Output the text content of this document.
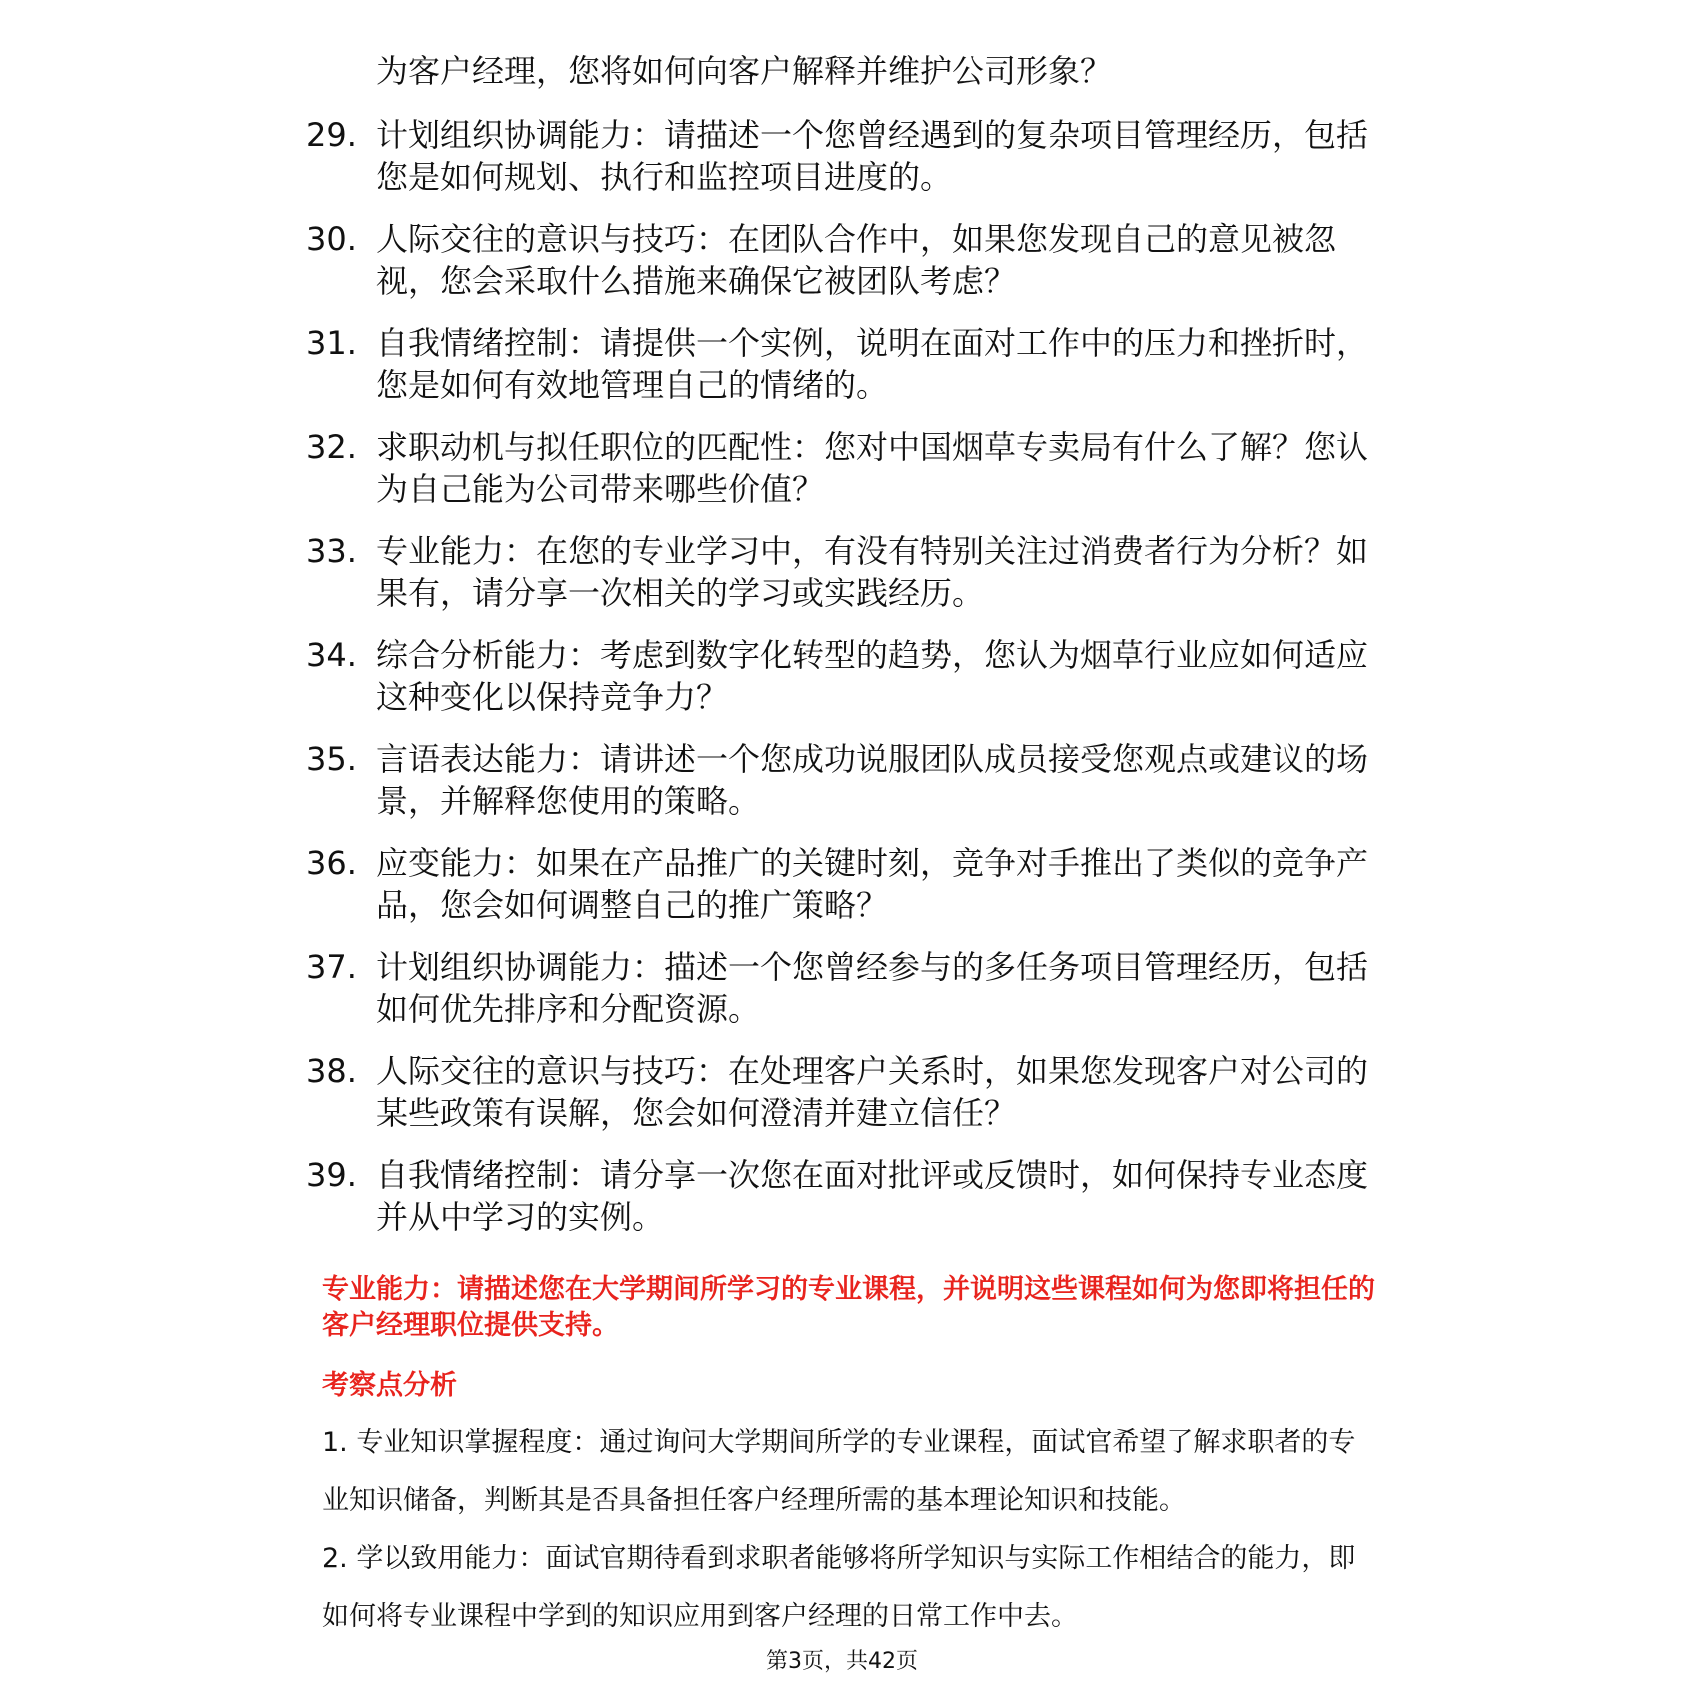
为客户经理，您将如何向客户解释并维护公司形象？
29. 计划组织协调能力：请描述一个您曾经遇到的复杂项目管理经历，包括您是如何规划、执行和监控项目进度的。
30. 人际交往的意识与技巧：在团队合作中，如果您发现自己的意见被忽视，您会采取什么措施来确保它被团队考虑？
31. 自我情绪控制：请提供一个实例，说明在面对工作中的压力和挫折时，您是如何有效地管理自己的情绪的。
32. 求职动机与拟任职位的匹配性：您对中国烟草专卖局有什么了解？您认为自己能为公司带来哪些价值？
33. 专业能力：在您的专业学习中，有没有特别关注过消费者行为分析？如果有，请分享一次相关的学习或实践经历。
34. 综合分析能力：考虑到数字化转型的趋势，您认为烟草行业应如何适应这种变化以保持竞争力？
35. 言语表达能力：请讲述一个您成功说服团队成员接受您观点或建议的场景，并解释您使用的策略。
36. 应变能力：如果在产品推广的关键时刻，竞争对手推出了类似的竞争产品，您会如何调整自己的推广策略？
37. 计划组织协调能力：描述一个您曾经参与的多任务项目管理经历，包括如何优先排序和分配资源。
38. 人际交往的意识与技巧：在处理客户关系时，如果您发现客户对公司的某些政策有误解，您会如何澄清并建立信任？
39. 自我情绪控制：请分享一次您在面对批评或反馈时，如何保持专业态度并从中学习的实例。
专业能力：请描述您在大学期间所学习的专业课程，并说明这些课程如何为您即将担任的客户经理职位提供支持。
考察点分析

1. 专业知识掌握程度：通过询问大学期间所学的专业课程，面试官希望了解求职者的专业知识储备，判断其是否具备担任客户经理所需的基本理论知识和技能。

2. 学以致用能力：面试官期待看到求职者能够将所学知识与实际工作相结合的能力，即如何将专业课程中学到的知识应用到客户经理的日常工作中去。

第3页，共42页
